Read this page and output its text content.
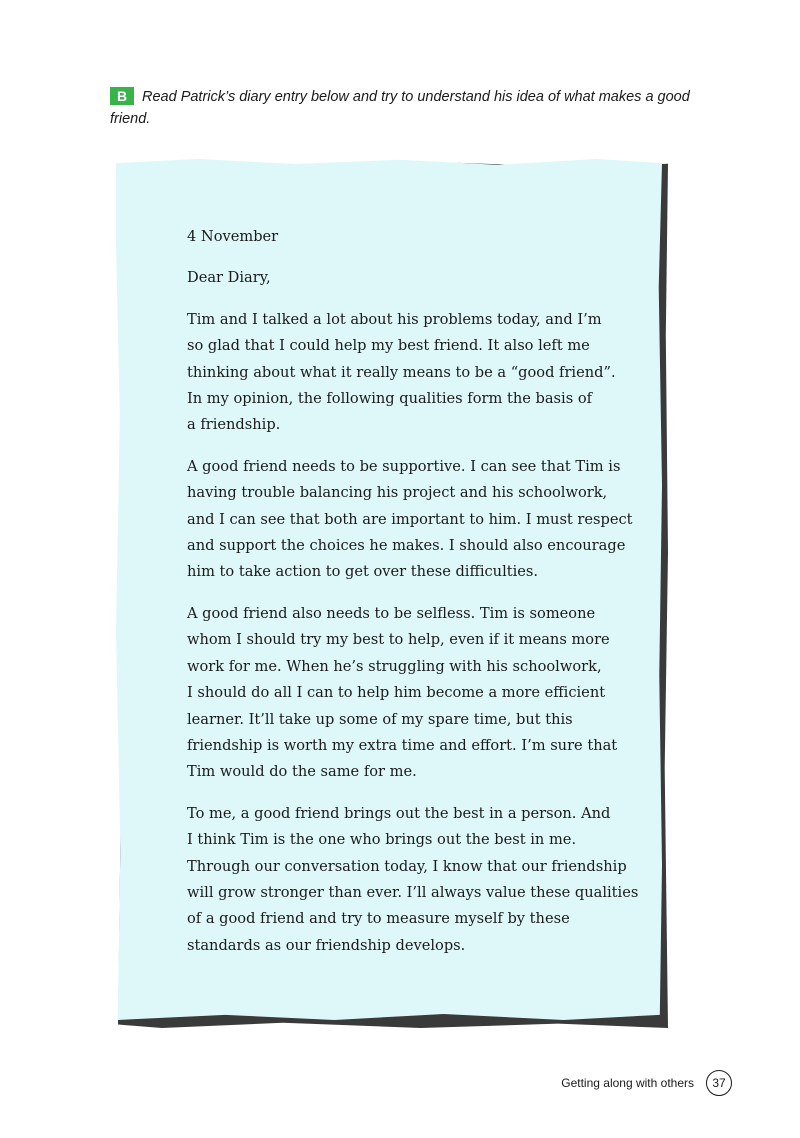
B Read Patrick’s diary entry below and try to understand his idea of what makes a good
friend.

4 November

Dear Diary,

Tim and I talked a lot about his problems today, and I’m
so glad that I could help my best friend. It also left me
thinking about what it really means to be a “good friend”.
In my opinion, the following qualities form the basis of
a friendship.

A good friend needs to be supportive. I can see that Tim is
having trouble balancing his project and his schoolwork,
and I can see that both are important to him. I must respect
and support the choices he makes. I should also encourage
him to take action to get over these difficulties.

A good friend also needs to be selfless. Tim is someone
whom I should try my best to help, even if it means more
work for me. When he’s struggling with his schoolwork,
I should do all I can to help him become a more efficient
learner. It’ll take up some of my spare time, but this
friendship is worth my extra time and effort. I’m sure that
Tim would do the same for me.

To me, a good friend brings out the best in a person. And
I think Tim is the one who brings out the best in me.
Through our conversation today, I know that our friendship
will grow stronger than ever. I’ll always value these qualities
of a good friend and try to measure myself by these
standards as our friendship develops.

Getting along with others	37
